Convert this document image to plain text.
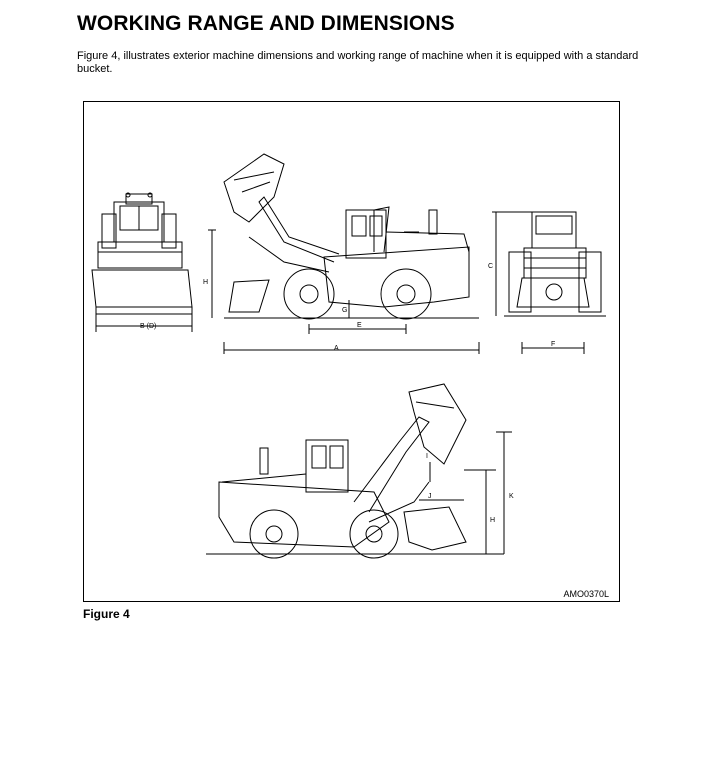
WORKING RANGE AND DIMENSIONS

Figure 4, illustrates exterior machine dimensions and working range of machine when it is equipped with a standard bucket.

A
B (D)
C
E
F
G
H
I
J	K
H
AMO0370L

Figure 4
